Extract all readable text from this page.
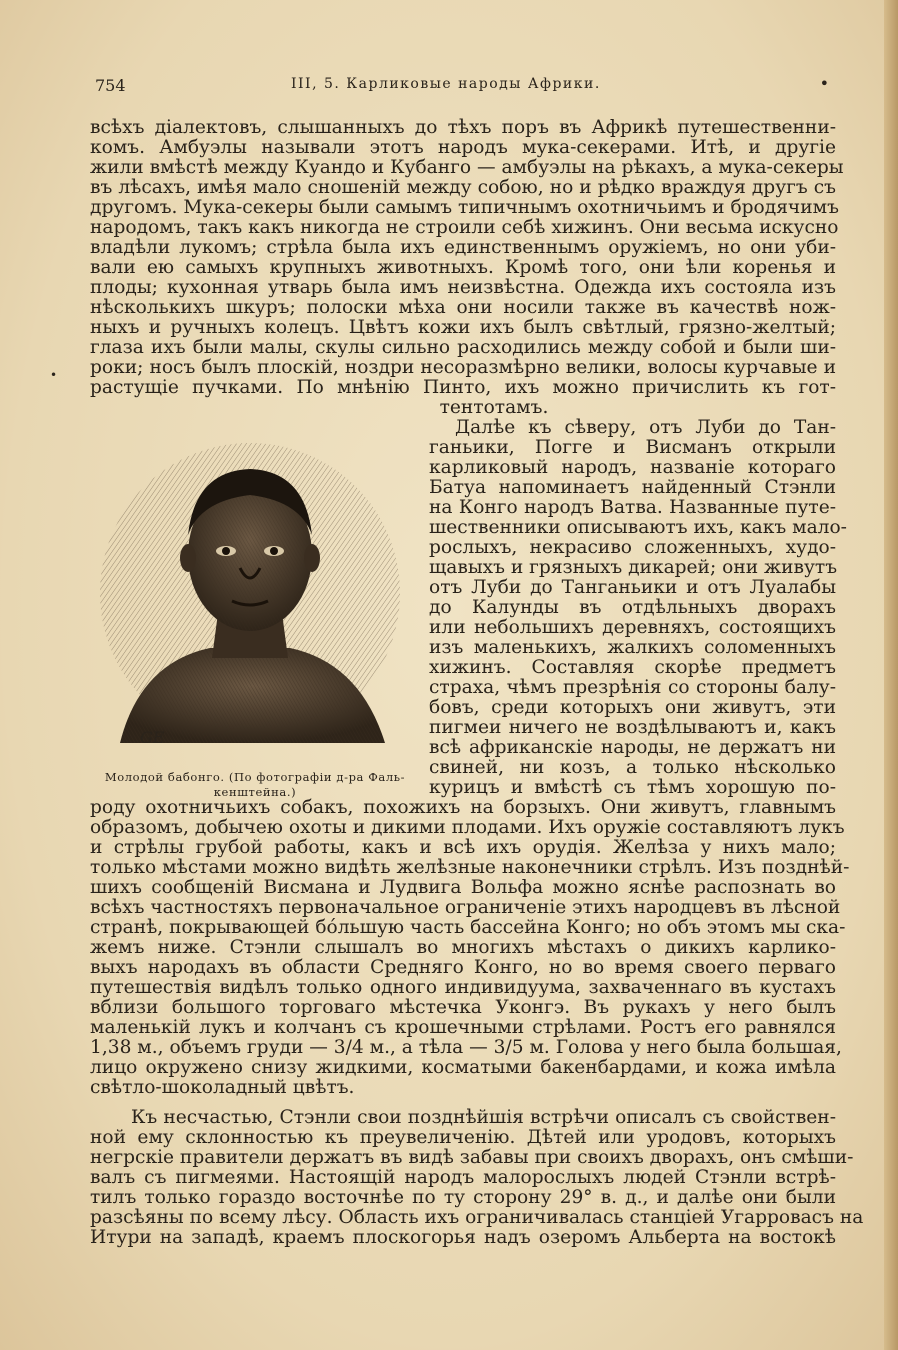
754	III, 5. Карликовые народы Африки.	•
•
всѣхъ діалектовъ, слышанныхъ до тѣхъ поръ въ Африкѣ путешественни-
комъ. Амбуэлы называли этотъ народъ мука-секерами. Итѣ, и другіе
жили вмѣстѣ между Куандо и Кубанго — амбуэлы на рѣкахъ, а мука-секеры
въ лѣсахъ, имѣя мало сношеній между собою, но и рѣдко враждуя другъ съ
другомъ. Мука-секеры были самымъ типичнымъ охотничьимъ и бродячимъ
народомъ, такъ какъ никогда не строили себѣ хижинъ. Они весьма искусно
владѣли лукомъ; стрѣла была ихъ единственнымъ оружіемъ, но они уби-
вали ею самыхъ крупныхъ животныхъ. Кромѣ того, они ѣли коренья и
плоды; кухонная утварь была имъ неизвѣстна. Одежда ихъ состояла изъ
нѣсколькихъ шкуръ; полоски мѣха они носили также въ качествѣ нож-
ныхъ и ручныхъ колецъ. Цвѣтъ кожи ихъ былъ свѣтлый, грязно-желтый;
глаза ихъ были малы, скулы сильно расходились между собой и были ши-
роки; носъ былъ плоскій, ноздри несоразмѣрно велики, волосы курчавые и
растущіе пучками. По мнѣнію Пинто, ихъ можно причислить къ гот-
GE
Молодой бабонго. (По фотографіи д-ра Фаль-
кенштейна.)
тентотамъ.
Далѣе къ сѣверу, отъ Луби до Тан-
ганьики, Погге и Висманъ открыли
карликовый народъ, названіе котораго
Батуа напоминаетъ найденный Стэнли
на Конго народъ Ватва. Названные путе-
шественники описываютъ ихъ, какъ мало-
рослыхъ, некрасиво сложенныхъ, худо-
щавыхъ и грязныхъ дикарей; они живутъ
отъ Луби до Танганьики и отъ Луалабы
до Калунды въ отдѣльныхъ дворахъ
или небольшихъ деревняхъ, состоящихъ
изъ маленькихъ, жалкихъ соломенныхъ
хижинъ. Составляя скорѣе предметъ
страха, чѣмъ презрѣнія со стороны балу-
бовъ, среди которыхъ они живутъ, эти
пигмеи ничего не воздѣлываютъ и, какъ
всѣ африканскіе народы, не держатъ ни
свиней, ни козъ, а только нѣсколько
курицъ и вмѣстѣ съ тѣмъ хорошую по-
роду охотничьихъ собакъ, похожихъ на борзыхъ. Они живутъ, главнымъ
образомъ, добычею охоты и дикими плодами. Ихъ оружіе составляютъ лукъ
и стрѣлы грубой работы, какъ и всѣ ихъ орудія. Желѣза у нихъ мало;
только мѣстами можно видѣть желѣзные наконечники стрѣлъ. Изъ позднѣй-
шихъ сообщеній Висмана и Лудвига Вольфа можно яснѣе распознать во
всѣхъ частностяхъ первоначальное ограниченіе этихъ народцевъ въ лѣсной
странѣ, покрывающей бо́льшую часть бассейна Конго; но объ этомъ мы ска-
жемъ ниже. Стэнли слышалъ во многихъ мѣстахъ о дикихъ карлико-
выхъ народахъ въ области Средняго Конго, но во время своего перваго
путешествія видѣлъ только одного индивидуума, захваченнаго въ кустахъ
вблизи большого торговаго мѣстечка Уконгэ. Въ рукахъ у него былъ
маленькій лукъ и колчанъ съ крошечными стрѣлами. Ростъ его равнялся
1,38 м., объемъ груди — 3/4 м., а тѣла — 3/5 м. Голова у него была большая,
лицо окружено снизу жидкими, косматыми бакенбардами, и кожа имѣла
свѣтло-шоколадный цвѣтъ.
Къ несчастью, Стэнли свои позднѣйшія встрѣчи описалъ съ свойствен-
ной ему склонностью къ преувеличенію. Дѣтей или уродовъ, которыхъ
негрскіе правители держатъ въ видѣ забавы при своихъ дворахъ, онъ смѣши-
валъ съ пигмеями. Настоящій народъ малорослыхъ людей Стэнли встрѣ-
тилъ только гораздо восточнѣе по ту сторону 29° в. д., и далѣе они были
разсѣяны по всему лѣсу. Область ихъ ограничивалась станціей Угарровасъ на
Итури на западѣ, краемъ плоскогорья надъ озеромъ Альберта на востокѣ
